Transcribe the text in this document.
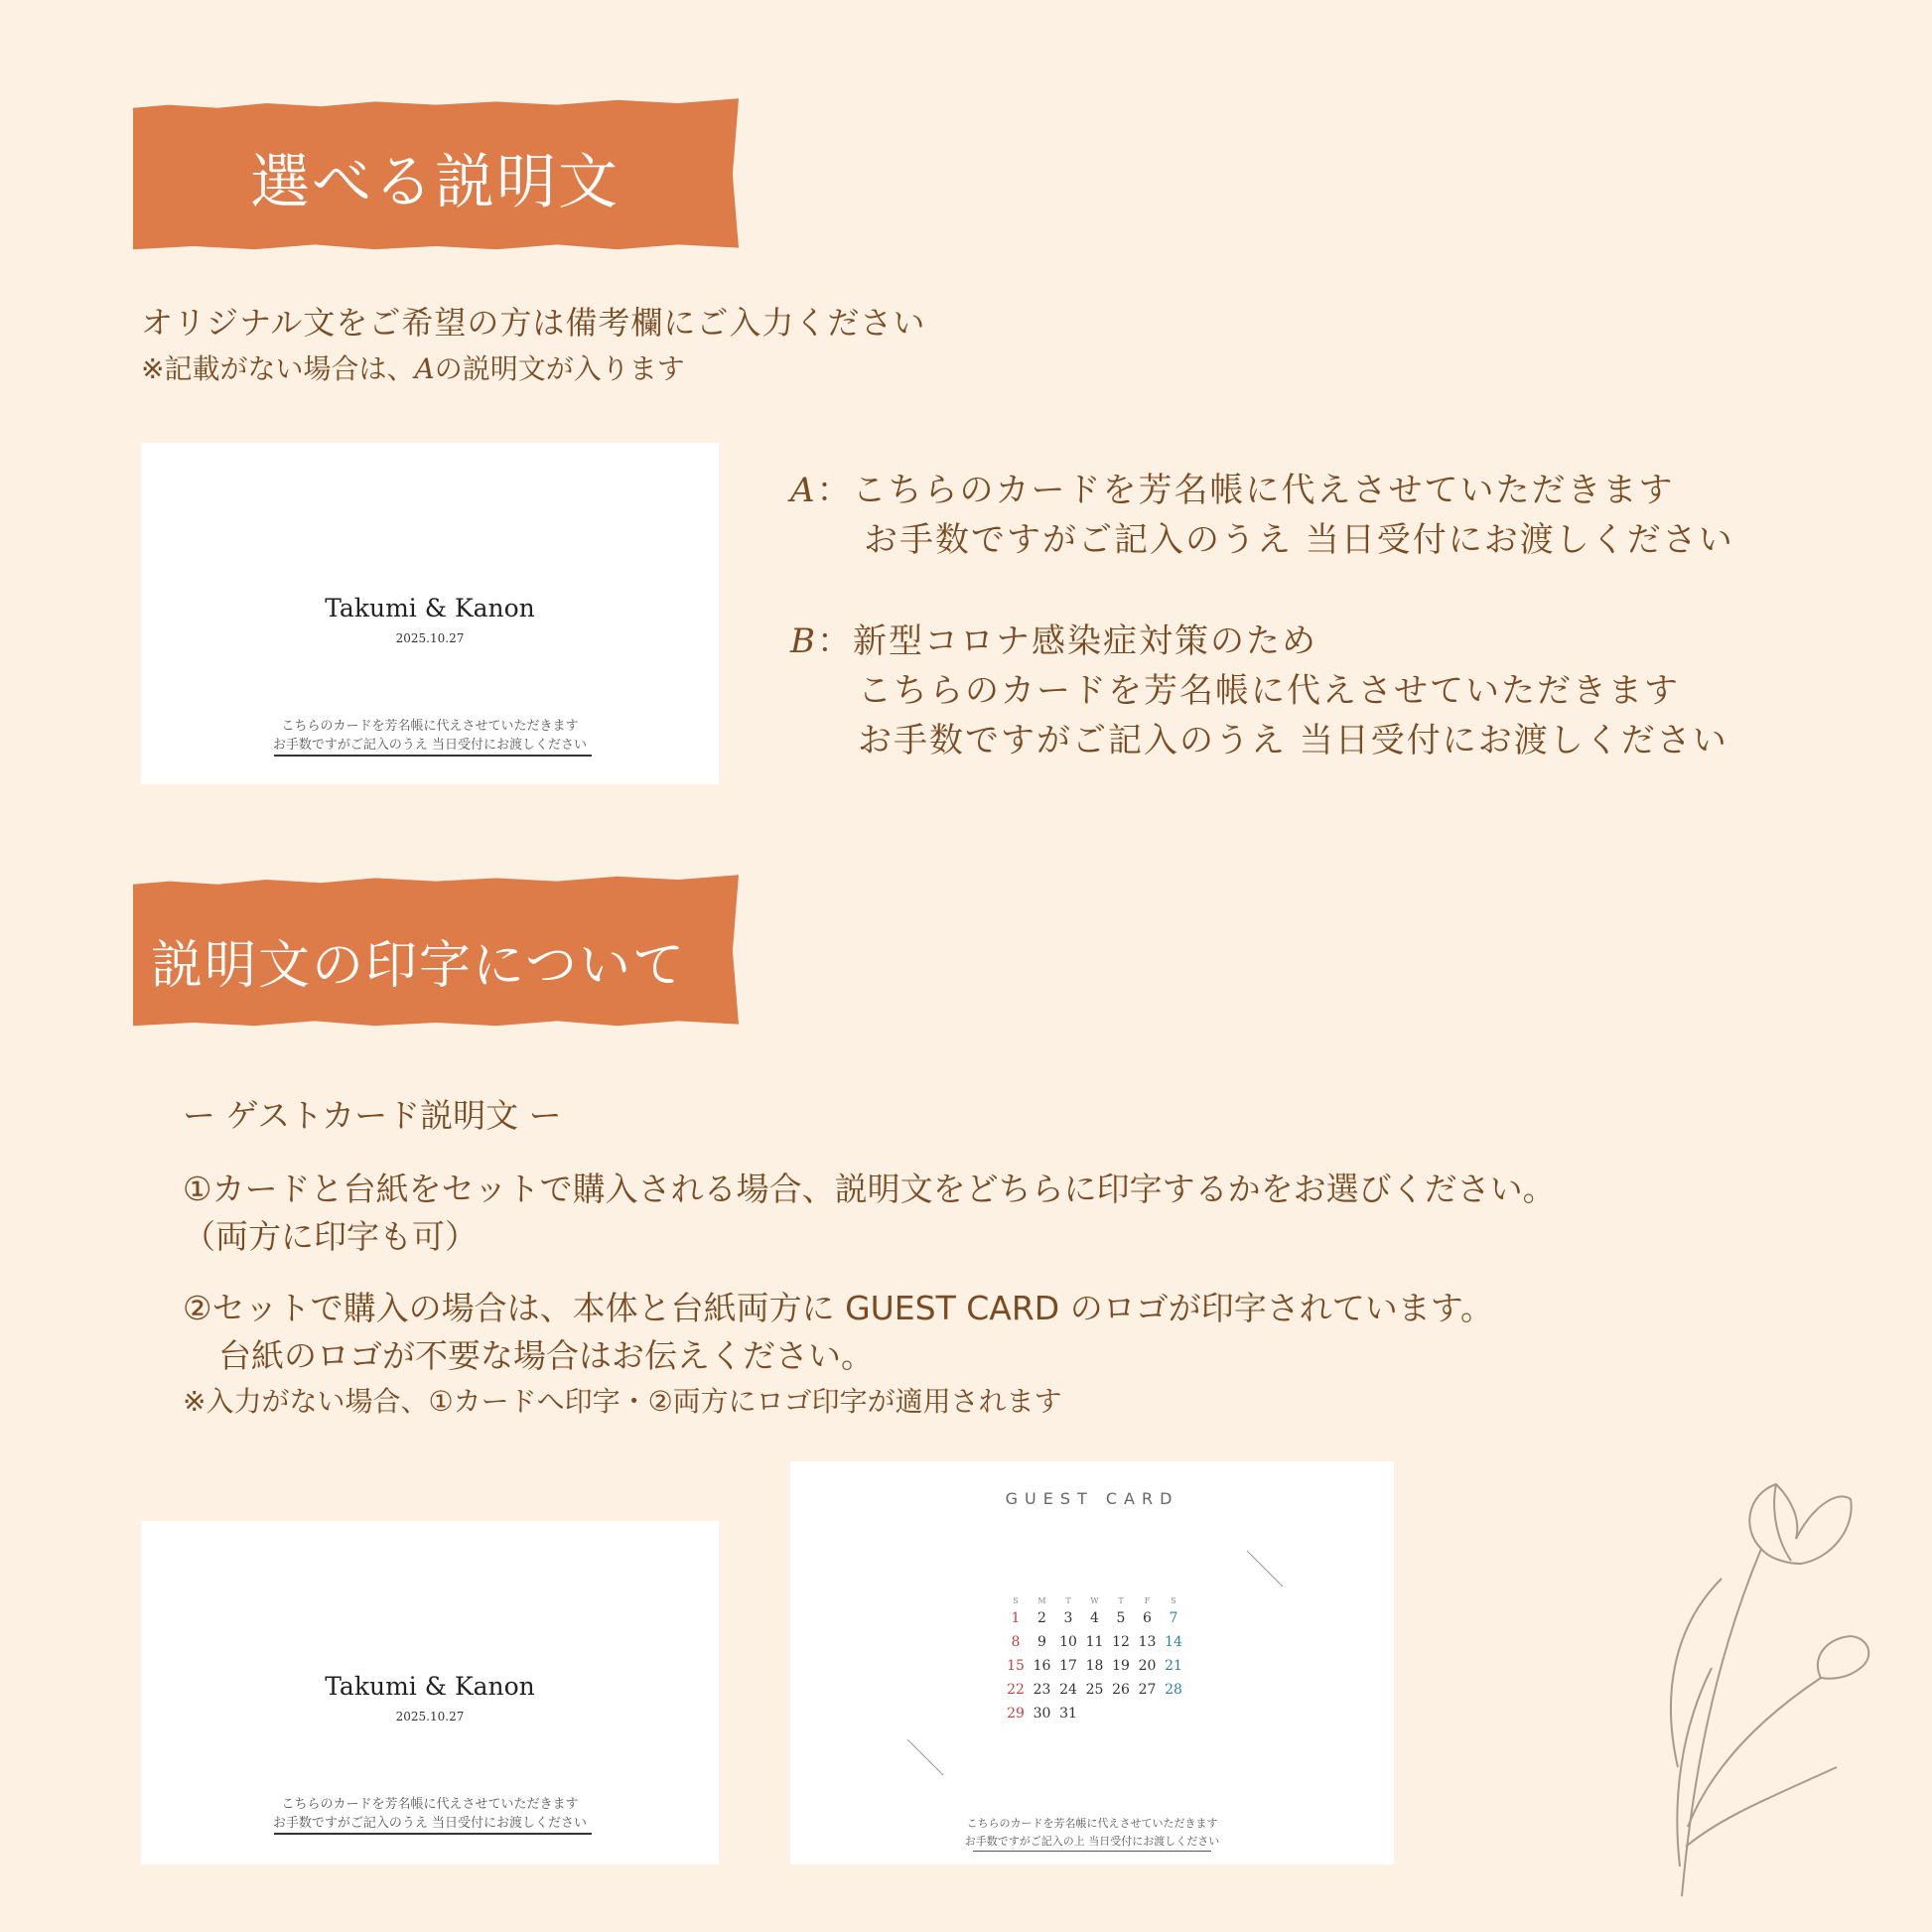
選べる説明文
オリジナル文をご希望の方は備考欄にご入力ください
※記載がない場合は、Aの説明文が入ります
Takumi & Kanon
2025.10.27
こちらのカードを芳名帳に代えさせていただきます
お手数ですがご記入のうえ 当日受付にお渡しください
A：こちらのカードを芳名帳に代えさせていただきます
お手数ですがご記入のうえ 当日受付にお渡しください
B：新型コロナ感染症対策のため
こちらのカードを芳名帳に代えさせていただきます
お手数ですがご記入のうえ 当日受付にお渡しください
説明文の印字について
ー ゲストカード説明文 ー
①カードと台紙をセットで購入される場合、説明文をどちらに印字するかをお選びください。
（両方に印字も可）
②セットで購入の場合は、本体と台紙両方に GUEST CARD のロゴが印字されています。
台紙のロゴが不要な場合はお伝えください。
※入力がない場合、①カードへ印字・②両方にロゴ印字が適用されます
Takumi & Kanon
2025.10.27
こちらのカードを芳名帳に代えさせていただきます
お手数ですがご記入のうえ 当日受付にお渡しください
GUEST CARD
S	M	T	W	T	F	S
1	2	3	4	5	6	7
8	9 10 11 12 13 14
15 16 17 18 19 20 21
22 23 24 25 26 27 28
29 30 31
こちらのカードを芳名帳に代えさせていただきます
お手数ですがご記入の上 当日受付にお渡しください
